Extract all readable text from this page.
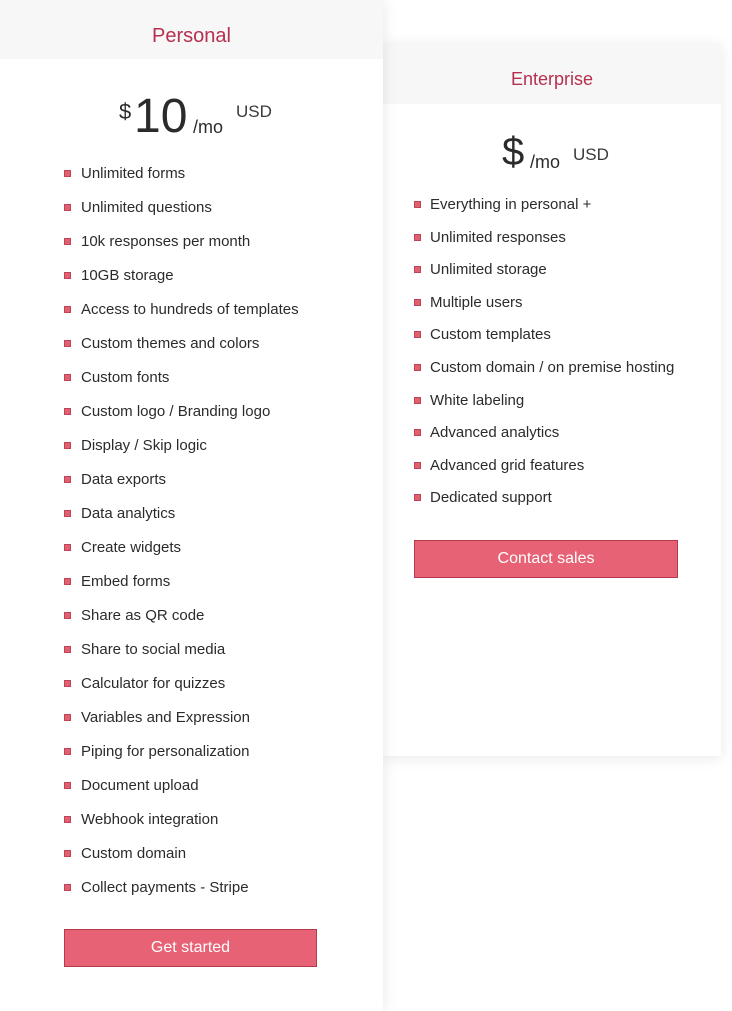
Personal
$ 10 /mo
USD
Unlimited forms
Unlimited questions
10k responses per month
10GB storage
Access to hundreds of templates
Custom themes and colors
Custom fonts
Custom logo / Branding logo
Display / Skip logic
Data exports
Data analytics
Create widgets
Embed forms
Share as QR code
Share to social media
Calculator for quizzes
Variables and Expression
Piping for personalization
Document upload
Webhook integration
Custom domain
Collect payments - Stripe
Get started
Enterprise
$ /mo USD
Everything in personal +
Unlimited responses
Unlimited storage
Multiple users
Custom templates
Custom domain / on premise hosting
White labeling
Advanced analytics
Advanced grid features
Dedicated support
Contact sales
